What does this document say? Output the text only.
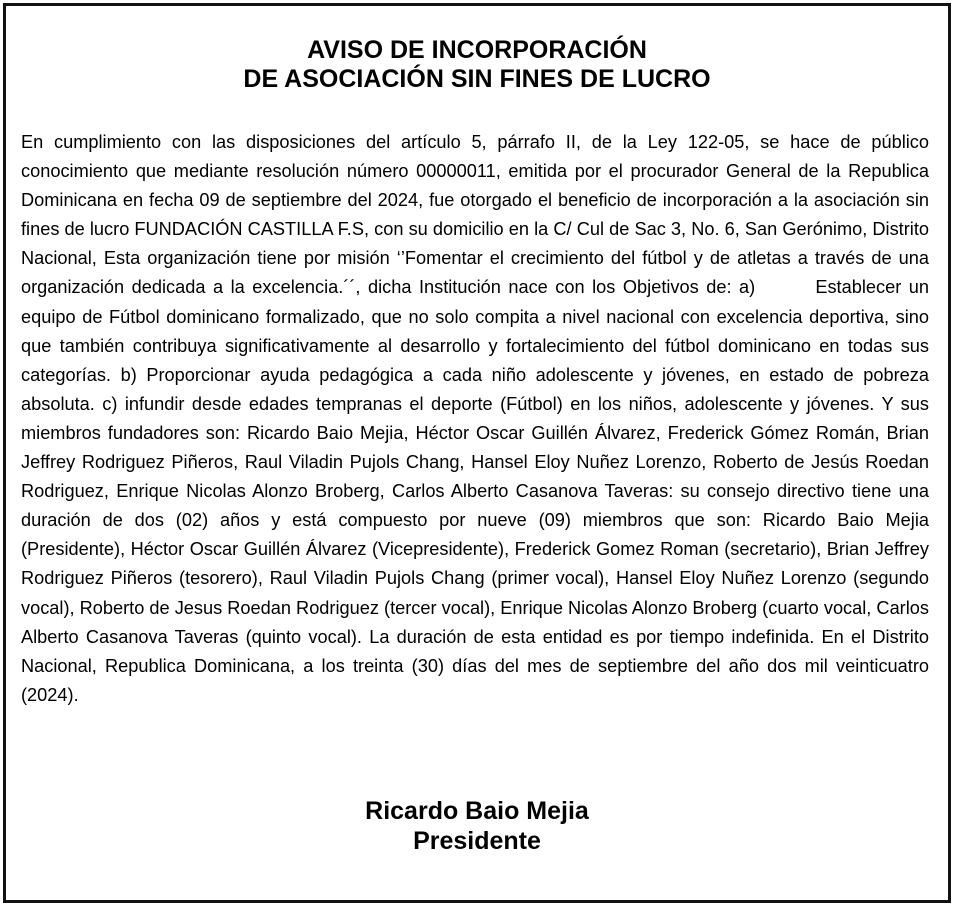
AVISO DE INCORPORACIÓN
DE ASOCIACIÓN SIN FINES DE LUCRO

En cumplimiento con las disposiciones del artículo 5, párrafo II, de la Ley 122-05, se hace de público conocimiento que mediante resolución número 00000011, emitida por el procurador General de la Republica Dominicana en fecha 09 de septiembre del 2024, fue otorgado el beneficio de incorporación a la asociación sin fines de lucro FUNDACIÓN CASTILLA F.S, con su domicilio en la C/ Cul de Sac 3, No. 6, San Gerónimo, Distrito Nacional, Esta organización tiene por misión ‘’Fomentar el crecimiento del fútbol y de atletas a través de una organización dedicada a la excelencia.´´, dicha Institución nace con los Objetivos de: a)        Establecer un equipo de Fútbol dominicano formalizado, que no solo compita a nivel nacional con excelencia deportiva, sino que también contribuya significativamente al desarrollo y fortalecimiento del fútbol dominicano en todas sus categorías. b) Proporcionar ayuda pedagógica a cada niño adolescente y jóvenes, en estado de pobreza absoluta. c) infundir desde edades tempranas el deporte (Fútbol) en los niños, adolescente y jóvenes. Y sus miembros fundadores son: Ricardo Baio Mejia, Héctor Oscar Guillén Álvarez, Frederick Gómez Román, Brian Jeffrey Rodriguez Piñeros, Raul Viladin Pujols Chang, Hansel Eloy Nuñez Lorenzo, Roberto de Jesús Roedan Rodriguez, Enrique Nicolas Alonzo Broberg, Carlos Alberto Casanova Taveras: su consejo directivo tiene una duración de dos (02) años y está compuesto por nueve (09) miembros que son: Ricardo Baio Mejia (Presidente), Héctor Oscar Guillén Álvarez (Vicepresidente), Frederick Gomez Roman (secretario), Brian Jeffrey Rodriguez Piñeros (tesorero), Raul Viladin Pujols Chang (primer vocal), Hansel Eloy Nuñez Lorenzo (segundo vocal), Roberto de Jesus Roedan Rodriguez (tercer vocal), Enrique Nicolas Alonzo Broberg (cuarto vocal, Carlos Alberto Casanova Taveras (quinto vocal). La duración de esta entidad es por tiempo indefinida. En el Distrito Nacional, Republica Dominicana, a los treinta (30) días del mes de septiembre del año dos mil veinticuatro (2024).

Ricardo Baio Mejia
Presidente
